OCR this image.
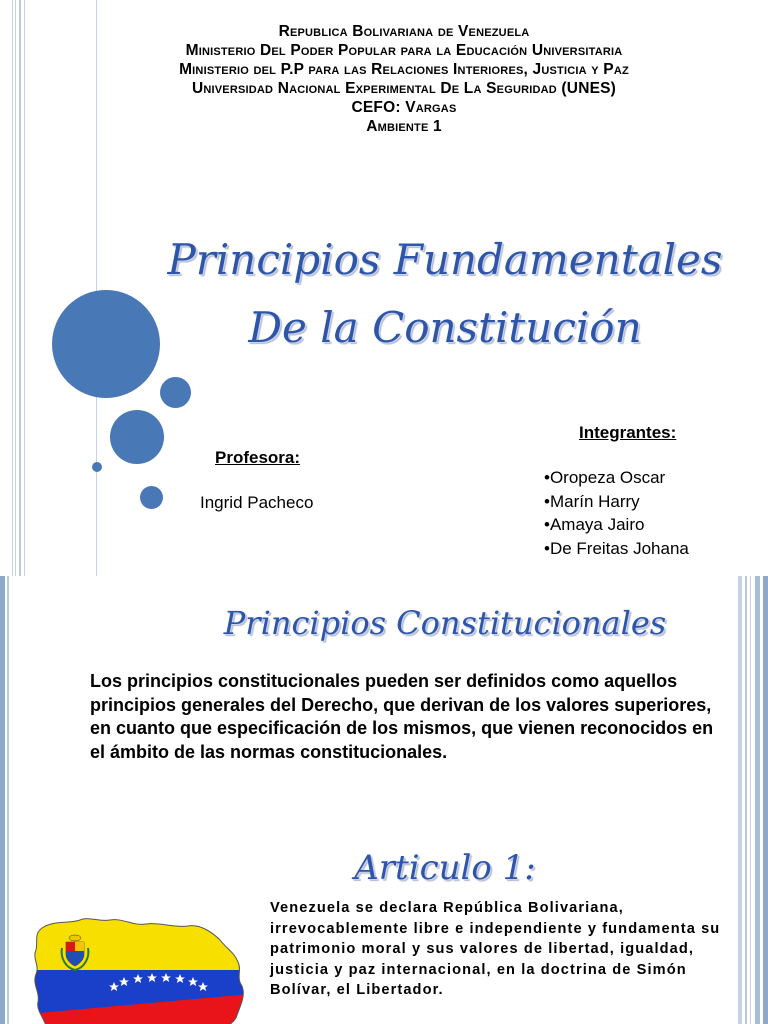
Republica Bolivariana de Venezuela
Ministerio Del Poder Popular para la Educación Universitaria
Ministerio del P.P para las Relaciones Interiores, Justicia y Paz
Universidad Nacional Experimental De La Seguridad (UNES)
CEFO: Vargas
Ambiente 1
Principios Fundamentales
De la Constitución
Profesora:
Ingrid Pacheco
Integrantes:
•Oropeza Oscar
•Marín Harry
•Amaya Jairo
•De Freitas Johana
Principios Constitucionales

Los principios constitucionales pueden ser definidos como aquellos principios generales del Derecho, que derivan de los valores superiores, en cuanto que especificación de los mismos, que vienen reconocidos en el ámbito de las normas constitucionales.

Articulo 1:

Venezuela se declara República Bolivariana, irrevocablemente libre e independiente y fundamenta su patrimonio moral y sus valores de libertad, igualdad, justicia y paz internacional, en la doctrina de Simón Bolívar, el Libertador.
